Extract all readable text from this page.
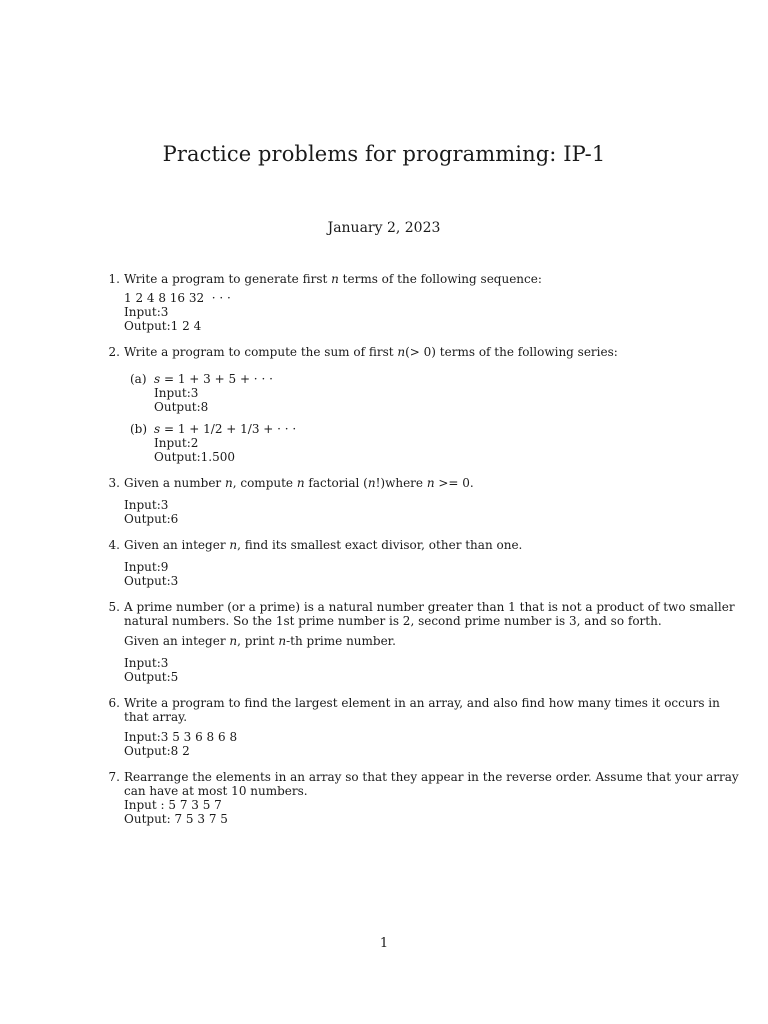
Practice problems for programming: IP-1
January 2, 2023
1. Write a program to generate first n terms of the following sequence:
1 2 4 8 16 32  · · ·
Input:3
Output:1 2 4
2. Write a program to compute the sum of first n(> 0) terms of the following series:
(a) s = 1 + 3 + 5 + · · ·
Input:3
Output:8
(b) s = 1 + 1/2 + 1/3 + · · ·
Input:2
Output:1.500
3. Given a number n, compute n factorial (n!)where n >= 0.
Input:3
Output:6
4. Given an integer n, find its smallest exact divisor, other than one.
Input:9
Output:3
5. A prime number (or a prime) is a natural number greater than 1 that is not a product of two smaller
natural numbers. So the 1st prime number is 2, second prime number is 3, and so forth.
Given an integer n, print n-th prime number.
Input:3
Output:5
6. Write a program to find the largest element in an array, and also find how many times it occurs in
that array.
Input:3 5 3 6 8 6 8
Output:8 2
7. Rearrange the elements in an array so that they appear in the reverse order. Assume that your array
can have at most 10 numbers.
Input : 5 7 3 5 7
Output: 7 5 3 7 5
1
